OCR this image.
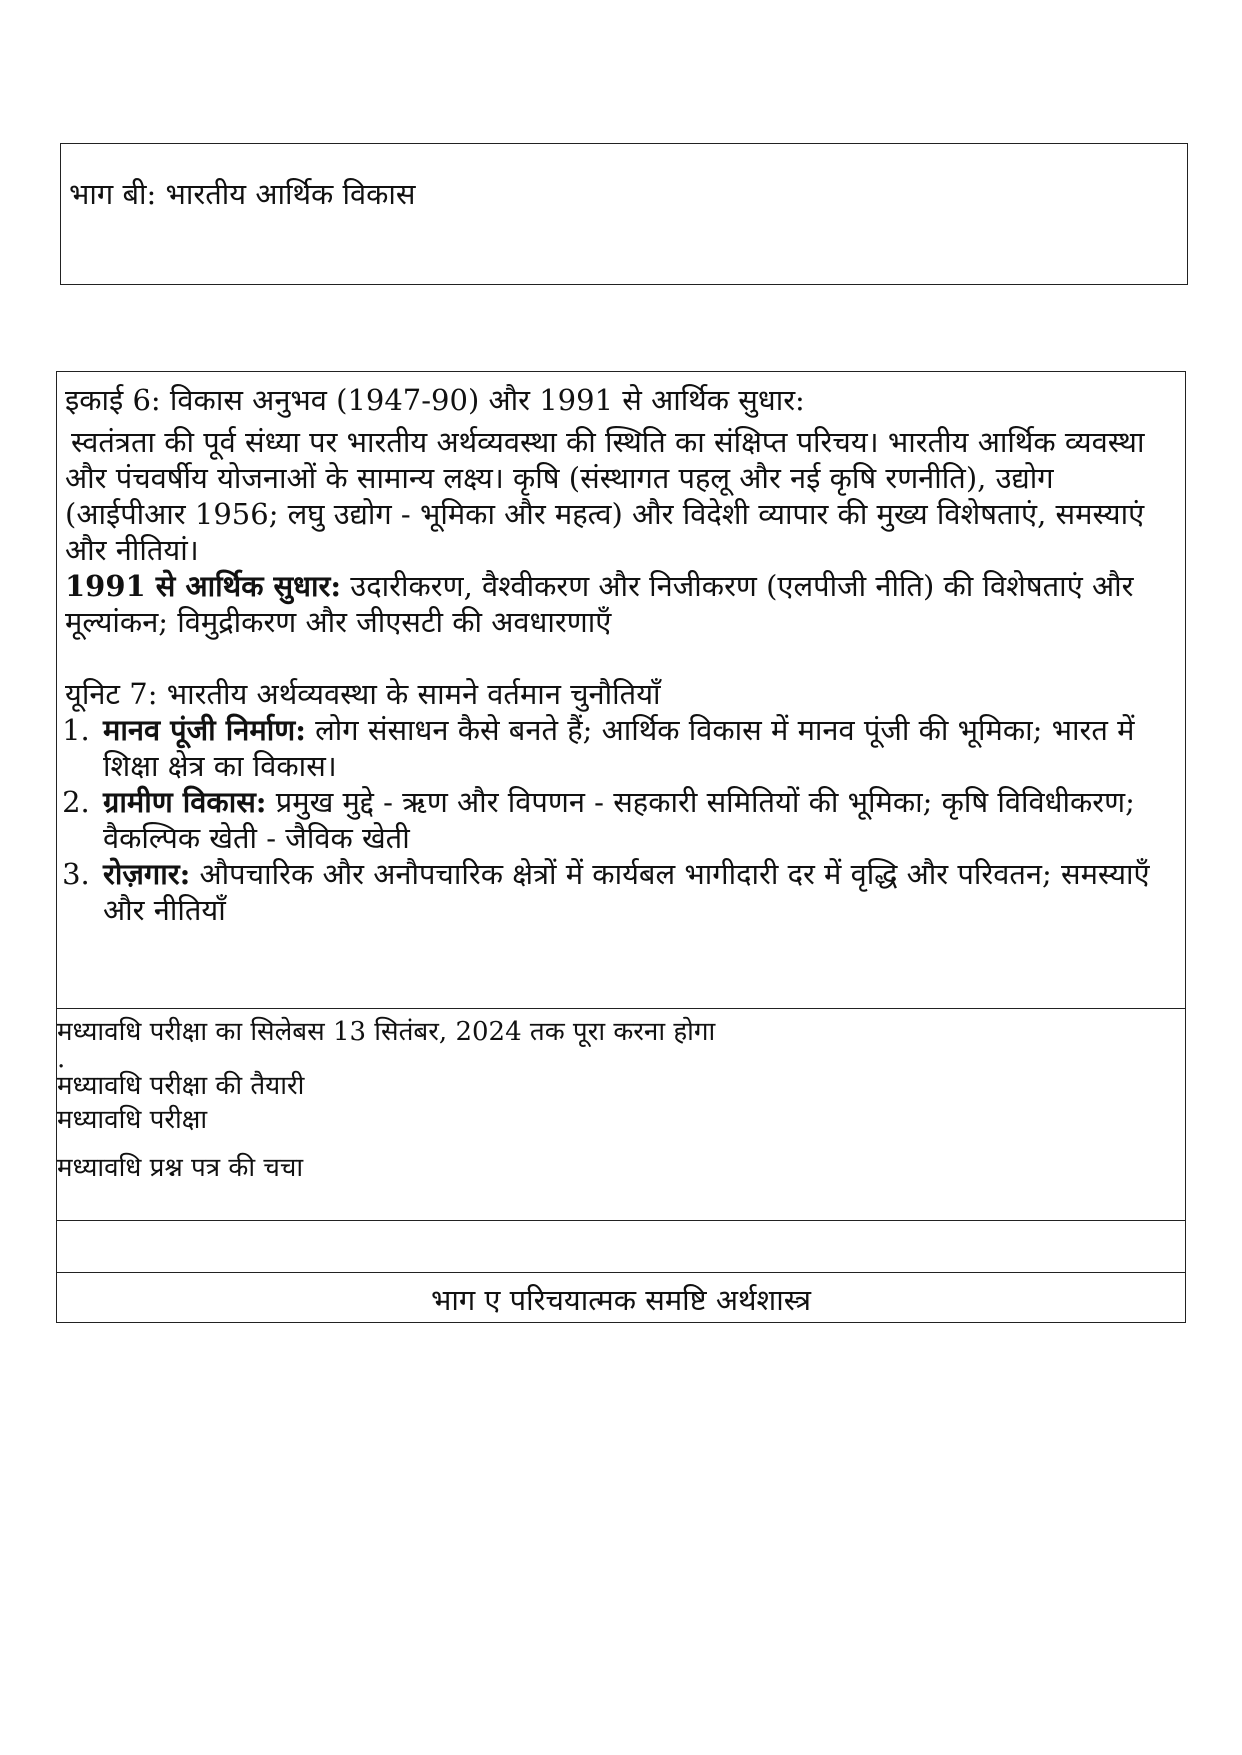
भाग बी: भारतीय आर्थिक विकास
इकाई 6: विकास अनुभव (1947-90) और 1991 से आर्थिक सुधार:

स्वतंत्रता की पूर्व संध्या पर भारतीय अर्थव्यवस्था की स्थिति का संक्षिप्त परिचय। भारतीय आर्थिक व्यवस्था और पंचवर्षीय योजनाओं के सामान्य लक्ष्य। कृषि (संस्थागत पहलू और नई कृषि रणनीति), उद्योग (आईपीआर 1956; लघु उद्योग - भूमिका और महत्व) और विदेशी व्यापार की मुख्य विशेषताएं, समस्याएं और नीतियां।

1991 से आर्थिक सुधार: उदारीकरण, वैश्वीकरण और निजीकरण (एलपीजी नीति) की विशेषताएं और मूल्यांकन; विमुद्रीकरण और जीएसटी की अवधारणाएँ
यूनिट 7: भारतीय अर्थव्यवस्था के सामने वर्तमान चुनौतियाँ
1. मानव पूंजी निर्माण: लोग संसाधन कैसे बनते हैं; आर्थिक विकास में मानव पूंजी की भूमिका; भारत में शिक्षा क्षेत्र का विकास।
2. ग्रामीण विकास: प्रमुख मुद्दे - ऋण और विपणन - सहकारी समितियों की भूमिका; कृषि विविधीकरण; वैकल्पिक खेती - जैविक खेती
3. रोज़गार: औपचारिक और अनौपचारिक क्षेत्रों में कार्यबल भागीदारी दर में वृद्धि और परिवतन; समस्याएँ और नीतियाँ
मध्यावधि परीक्षा का सिलेबस 13 सितंबर, 2024 तक पूरा करना होगा
.
मध्यावधि परीक्षा की तैयारी
मध्यावधि परीक्षा
मध्यावधि प्रश्न पत्र की चचा
भाग ए परिचयात्मक समष्टि अर्थशास्त्र
